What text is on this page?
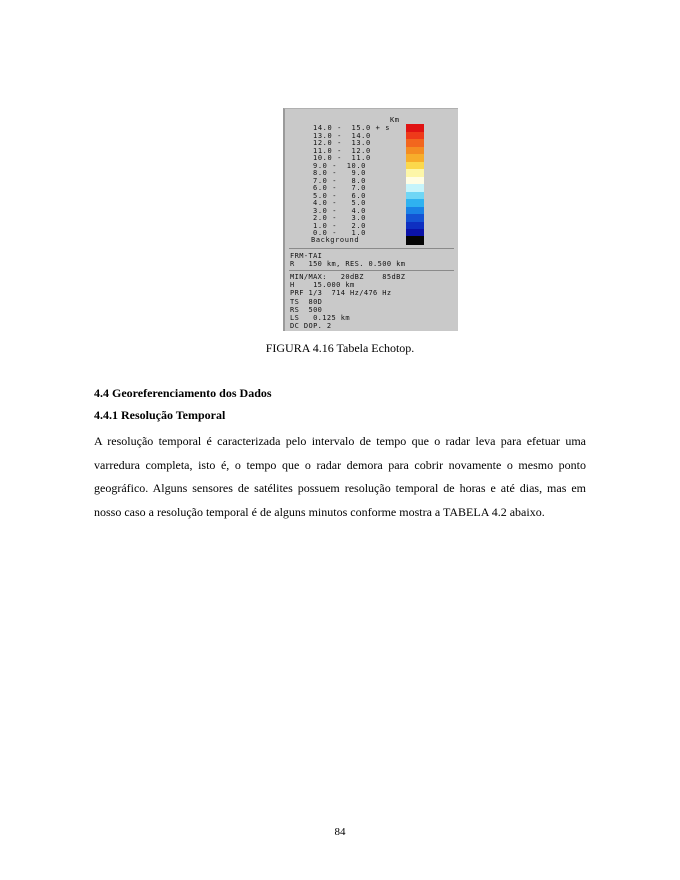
Km
14.0 -  15.0 + s
13.0 -  14.0
12.0 -  13.0
11.0 -  12.0
10.0 -  11.0
9.0 -  10.0
8.0 -   9.0
7.0 -   8.0
6.0 -   7.0
5.0 -   6.0
4.0 -   5.0
3.0 -   4.0
2.0 -   3.0
1.0 -   2.0
0.0 -   1.0
Background
FRM-TAI
R   150 km, RES. 0.500 km
MIN/MAX:   20dBZ    85dBZ
H    15.000 km
PRF 1/3  714 Hz/476 Hz
TS  80D
RS  500
LS   0.125 km
DC DOP. 2
FIGURA 4.16 Tabela Echotop.
4.4 Georeferenciamento dos Dados
4.4.1 Resolução Temporal
A resolução temporal é caracterizada pelo intervalo de tempo que o radar leva para efetuar uma varredura completa, isto é, o tempo que o radar demora para cobrir novamente o mesmo ponto geográfico. Alguns sensores de satélites possuem resolução temporal de horas e até dias, mas em nosso caso a resolução temporal é de alguns minutos conforme mostra a TABELA 4.2 abaixo.
84
